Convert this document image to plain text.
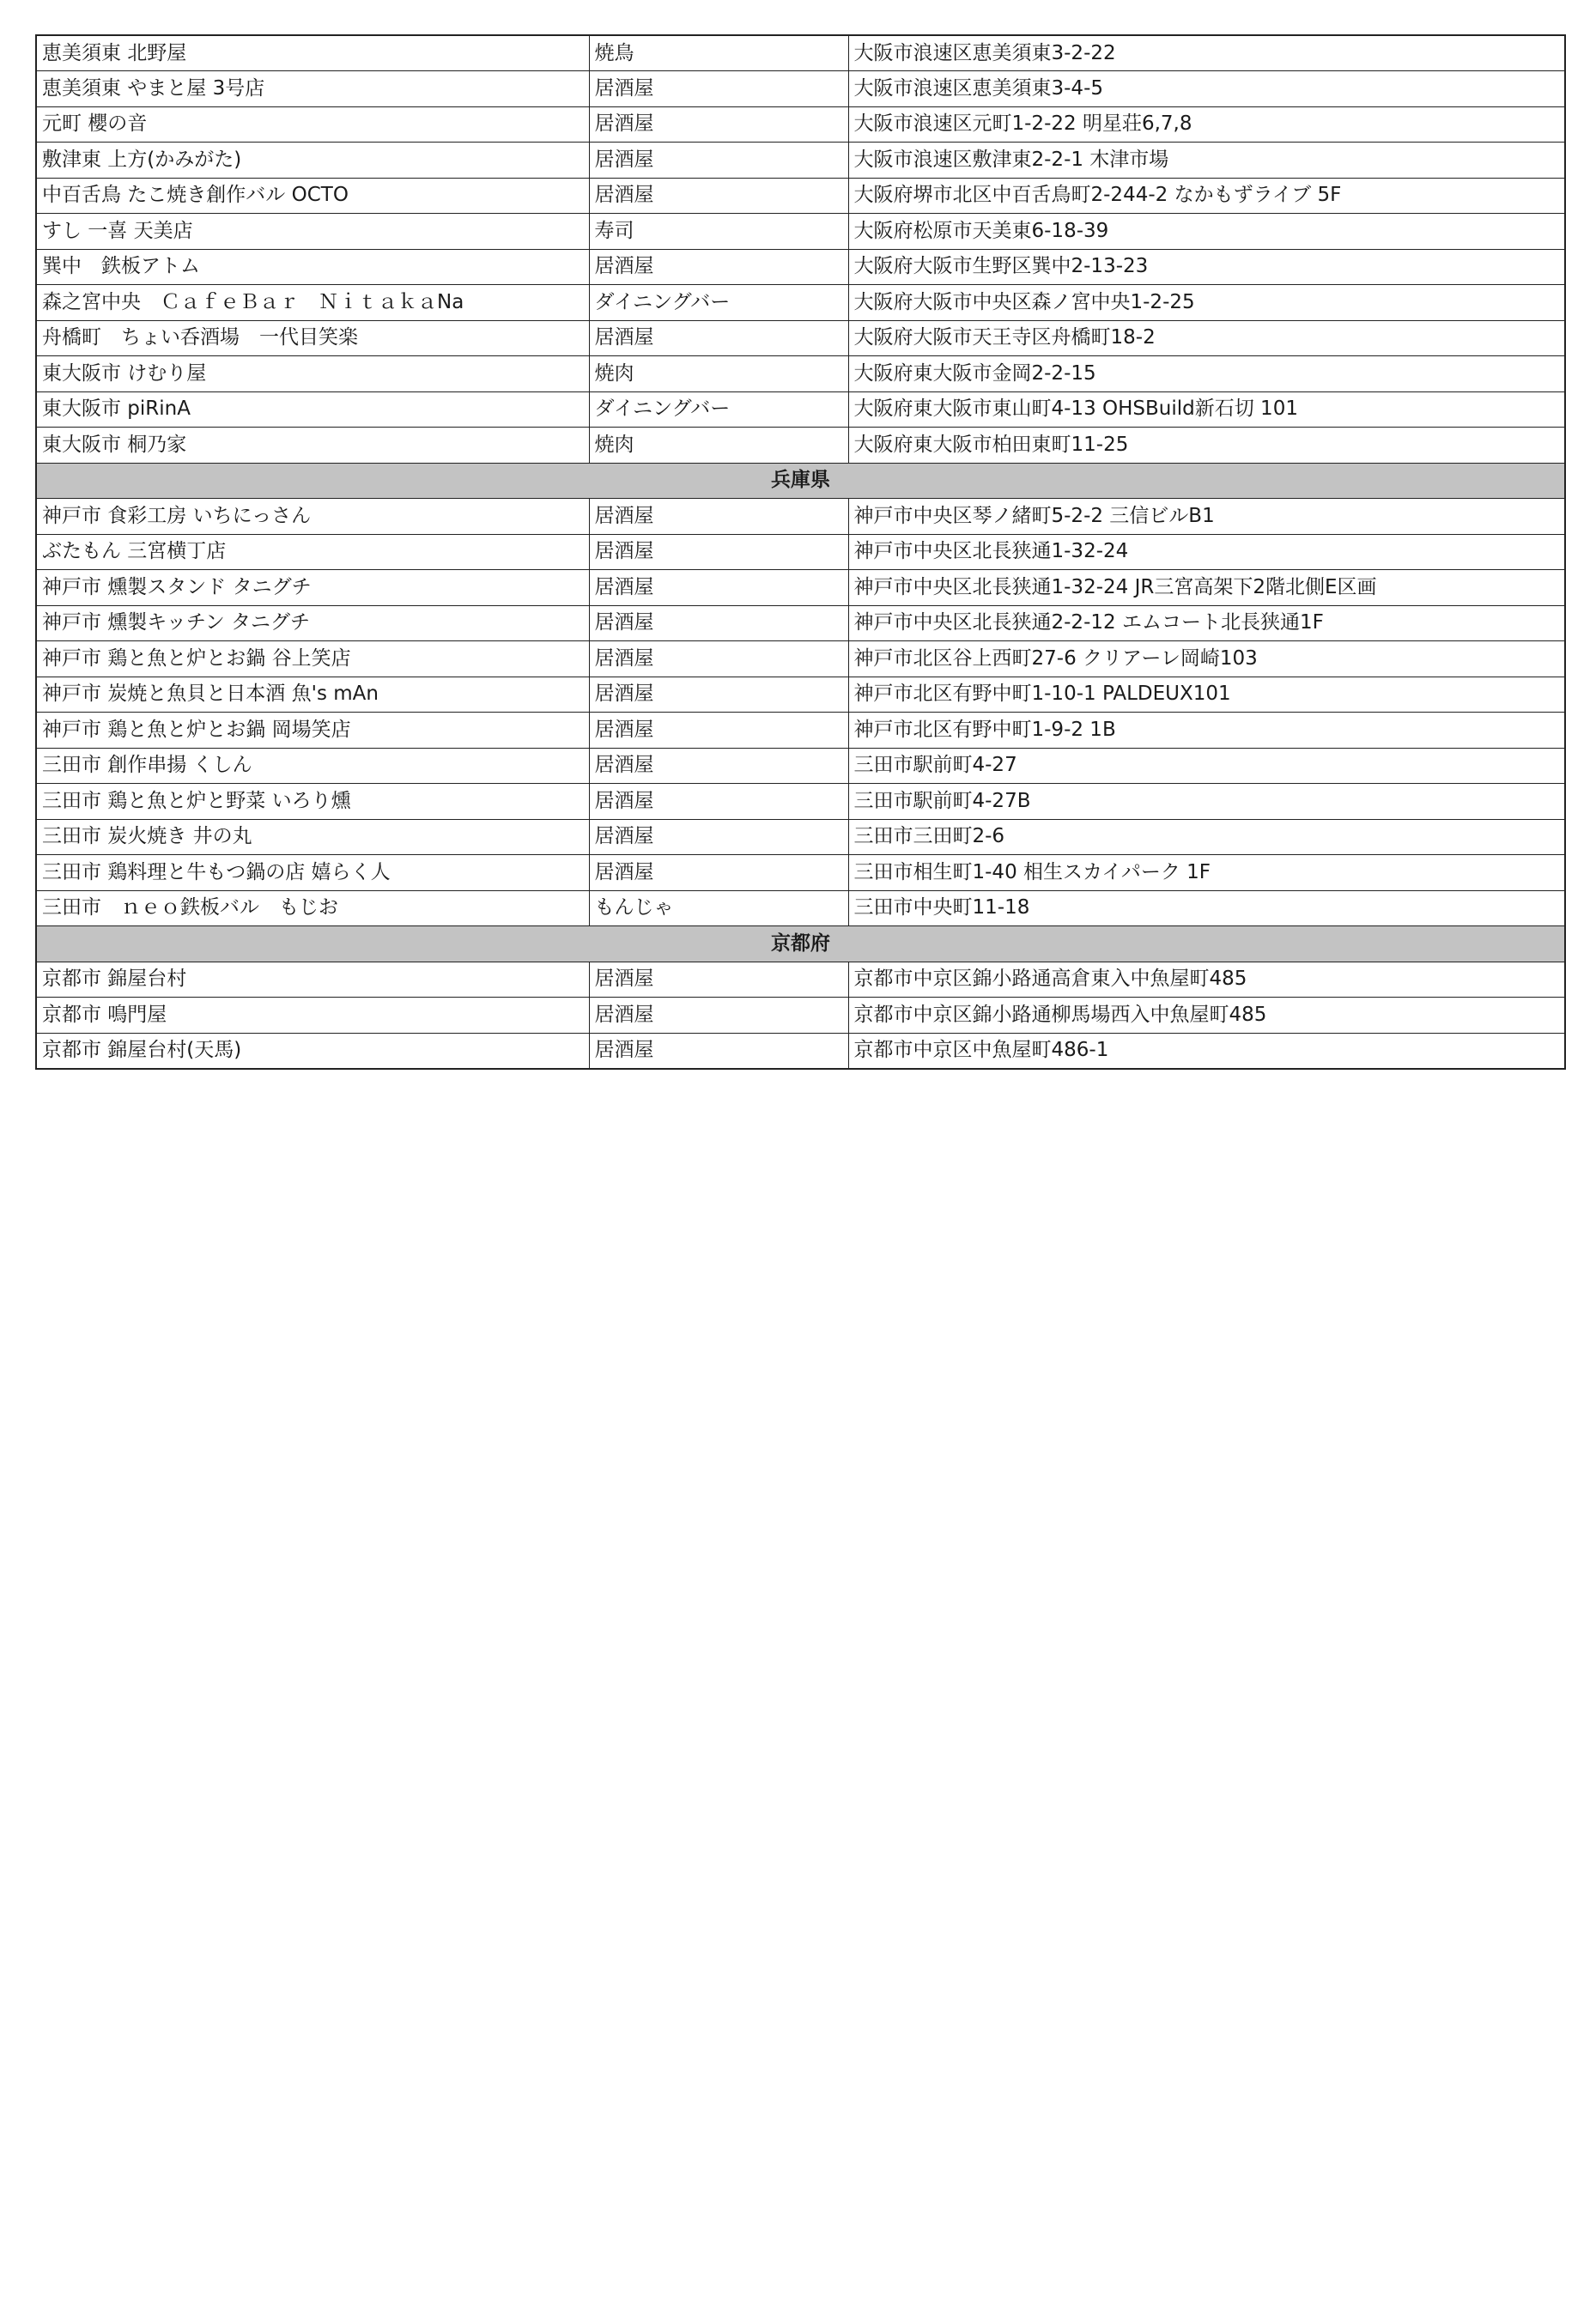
恵美須東 北野屋	焼鳥	大阪市浪速区恵美須東3-2-22
恵美須東 やまと屋 3号店	居酒屋	大阪市浪速区恵美須東3-4-5
元町 櫻の音	居酒屋	大阪市浪速区元町1-2-22 明星荘6,7,8
敷津東 上方(かみがた)	居酒屋	大阪市浪速区敷津東2-2-1 木津市場
中百舌鳥 たこ焼き創作バル OCTO	居酒屋	大阪府堺市北区中百舌鳥町2-244-2 なかもずライブ 5F
すし 一喜 天美店	寿司	大阪府松原市天美東6-18-39
巽中　鉄板アトム	居酒屋	大阪府大阪市生野区巽中2-13-23
森之宮中央　ＣａｆｅＢａｒ　ＮｉｔａｋａNa	ダイニングバー	大阪府大阪市中央区森ノ宮中央1-2-25
舟橋町　ちょい呑酒場　一代目笑楽	居酒屋	大阪府大阪市天王寺区舟橋町18-2
東大阪市 けむり屋	焼肉	大阪府東大阪市金岡2-2-15
東大阪市 piRinA	ダイニングバー	大阪府東大阪市東山町4-13 OHSBuild新石切 101
東大阪市 桐乃家	焼肉	大阪府東大阪市柏田東町11-25
兵庫県		
神戸市 食彩工房 いちにっさん	居酒屋	神戸市中央区琴ノ緒町5-2-2 三信ビルB1
ぶたもん 三宮横丁店	居酒屋	神戸市中央区北長狭通1-32-24
神戸市 燻製スタンド タニグチ	居酒屋	神戸市中央区北長狭通1-32-24 JR三宮高架下2階北側E区画
神戸市 燻製キッチン タニグチ	居酒屋	神戸市中央区北長狭通2-2-12 エムコート北長狭通1F
神戸市 鶏と魚と炉とお鍋 谷上笑店	居酒屋	神戸市北区谷上西町27-6 クリアーレ岡崎103
神戸市 炭焼と魚貝と日本酒 魚's mAn	居酒屋	神戸市北区有野中町1-10-1 PALDEUX101
神戸市 鶏と魚と炉とお鍋 岡場笑店	居酒屋	神戸市北区有野中町1-9-2 1B
三田市 創作串揚 くしん	居酒屋	三田市駅前町4-27
三田市 鶏と魚と炉と野菜 いろり燻	居酒屋	三田市駅前町4-27B
三田市 炭火焼き 井の丸	居酒屋	三田市三田町2-6
三田市 鶏料理と牛もつ鍋の店 嬉らく人	居酒屋	三田市相生町1-40 相生スカイパーク 1F
三田市　ｎｅｏ鉄板バル　もじお	もんじゃ	三田市中央町11-18
京都府		
京都市 錦屋台村	居酒屋	京都市中京区錦小路通高倉東入中魚屋町485
京都市 鳴門屋	居酒屋	京都市中京区錦小路通柳馬場西入中魚屋町485
京都市 錦屋台村(天馬)	居酒屋	京都市中京区中魚屋町486-1
